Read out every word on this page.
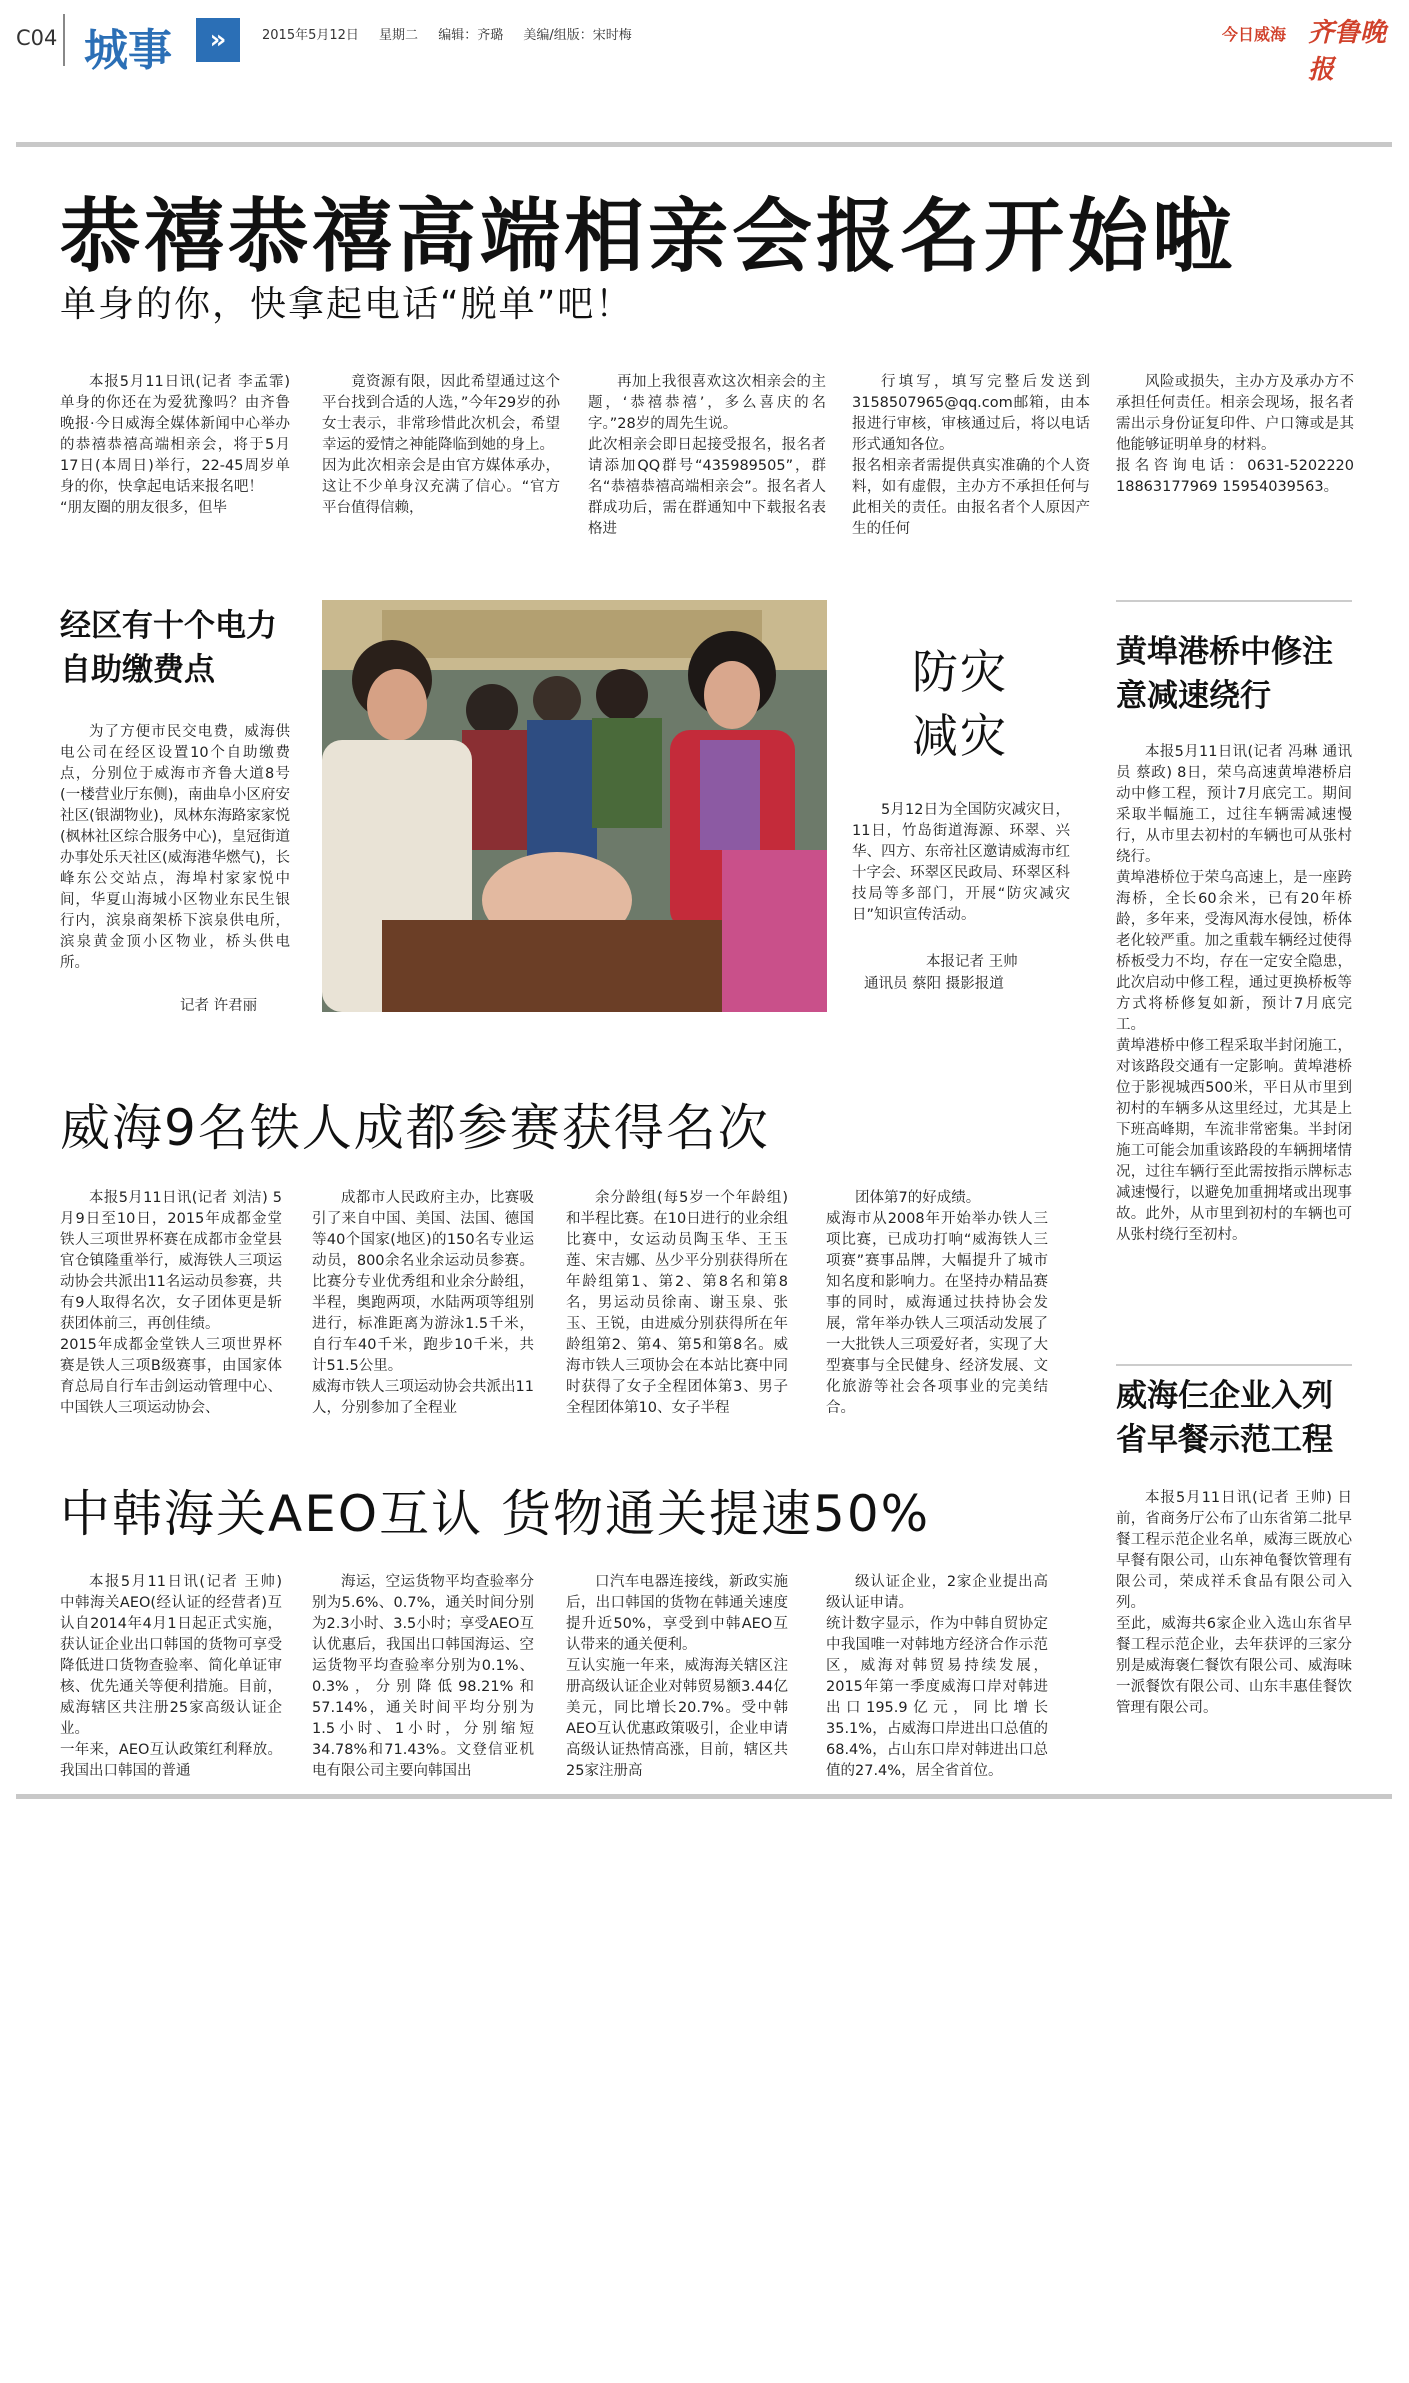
C04 城事	»	2015年5月12日 星期二 编辑：齐璐 美编/组版：宋时梅	今日威海 齐鲁晚报
恭禧恭禧高端相亲会报名开始啦
单身的你，快拿起电话“脱单”吧！

本报5月11日讯(记者 李孟霏) 单身的你还在为爱犹豫吗？由齐鲁晚报·今日威海全媒体新闻中心举办的恭禧恭禧高端相亲会，将于5月17日(本周日)举行，22-45周岁单身的你，快拿起电话来报名吧！
“朋友圈的朋友很多，但毕

竟资源有限，因此希望通过这个平台找到合适的人选，”今年29岁的孙女士表示，非常珍惜此次机会，希望幸运的爱情之神能降临到她的身上。
因为此次相亲会是由官方媒体承办，这让不少单身汉充满了信心。“官方平台值得信赖，

再加上我很喜欢这次相亲会的主题，‘恭禧恭禧’，多么喜庆的名字。”28岁的周先生说。
此次相亲会即日起接受报名，报名者请添加QQ群号“435989505”，群名“恭禧恭禧高端相亲会”。报名者人群成功后，需在群通知中下载报名表格进

行填写，填写完整后发送到3158507965@qq.com邮箱，由本报进行审核，审核通过后，将以电话形式通知各位。
报名相亲者需提供真实准确的个人资料，如有虚假，主办方不承担任何与此相关的责任。由报名者个人原因产生的任何

风险或损失，主办方及承办方不承担任何责任。相亲会现场，报名者需出示身份证复印件、户口簿或是其他能够证明单身的材料。
报名咨询电话：0631-5202220 18863177969 15954039563。

经区有十个电力自助缴费点

为了方便市民交电费，威海供电公司在经区设置10个自助缴费点，分别位于威海市齐鲁大道8号(一楼营业厅东侧)，南曲阜小区府安社区(银湖物业)，凤林东海路家家悦(枫林社区综合服务中心)，皇冠街道办事处乐天社区(威海港华燃气)，长峰东公交站点，海埠村家家悦中间，华夏山海城小区物业东民生银行内，滨泉商架桥下滨泉供电所，滨泉黄金顶小区物业，桥头供电所。

记者 许君丽
防灾减灾

5月12日为全国防灾减灾日，11日，竹岛街道海源、环翠、兴华、四方、东帝社区邀请威海市红十字会、环翠区民政局、环翠区科技局等多部门，开展“防灾减灾日”知识宣传活动。

本报记者 王帅
通讯员 蔡阳 摄影报道
黄埠港桥中修注意减速绕行

本报5月11日讯(记者 冯琳 通讯员 蔡政) 8日，荣乌高速黄埠港桥启动中修工程，预计7月底完工。期间采取半幅施工，过往车辆需减速慢行，从市里去初村的车辆也可从张村绕行。
黄埠港桥位于荣乌高速上，是一座跨海桥，全长60余米，已有20年桥龄，多年来，受海风海水侵蚀，桥体老化较严重。加之重载车辆经过使得桥板受力不均，存在一定安全隐患，此次启动中修工程，通过更换桥板等方式将桥修复如新，预计7月底完工。
黄埠港桥中修工程采取半封闭施工，对该路段交通有一定影响。黄埠港桥位于影视城西500米，平日从市里到初村的车辆多从这里经过，尤其是上下班高峰期，车流非常密集。半封闭施工可能会加重该路段的车辆拥堵情况，过往车辆行至此需按指示牌标志减速慢行，以避免加重拥堵或出现事故。此外，从市里到初村的车辆也可从张村绕行至初村。

威海9名铁人成都参赛获得名次

本报5月11日讯(记者 刘洁) 5月9日至10日，2015年成都金堂铁人三项世界杯赛在成都市金堂县官仓镇隆重举行，威海铁人三项运动协会共派出11名运动员参赛，共有9人取得名次，女子团体更是斩获团体前三，再创佳绩。
2015年成都金堂铁人三项世界杯赛是铁人三项B级赛事，由国家体育总局自行车击剑运动管理中心、中国铁人三项运动协会、

成都市人民政府主办，比赛吸引了来自中国、美国、法国、德国等40个国家(地区)的150名专业运动员，800余名业余运动员参赛。比赛分专业优秀组和业余分龄组，半程，奥跑两项，水陆两项等组别进行，标准距离为游泳1.5千米，自行车40千米，跑步10千米，共计51.5公里。
威海市铁人三项运动协会共派出11人，分别参加了全程业

余分龄组(每5岁一个年龄组)和半程比赛。在10日进行的业余组比赛中，女运动员陶玉华、王玉莲、宋吉娜、丛少平分别获得所在年龄组第1、第2、第8名和第8名，男运动员徐南、谢玉泉、张玉、王锐，由进威分别获得所在年龄组第2、第4、第5和第8名。威海市铁人三项协会在本站比赛中同时获得了女子全程团体第3、男子全程团体第10、女子半程

团体第7的好成绩。
威海市从2008年开始举办铁人三项比赛，已成功打响“威海铁人三项赛”赛事品牌，大幅提升了城市知名度和影响力。在坚持办精品赛事的同时，威海通过扶持协会发展，常年举办铁人三项活动发展了一大批铁人三项爱好者，实现了大型赛事与全民健身、经济发展、文化旅游等社会各项事业的完美结合。	威海仨企业入列省早餐示范工程

本报5月11日讯(记者 王帅) 日前，省商务厅公布了山东省第二批早餐工程示范企业名单，威海三既放心早餐有限公司，山东神龟餐饮管理有限公司，荣成祥禾食品有限公司入列。
至此，威海共6家企业入选山东省早餐工程示范企业，去年获评的三家分别是威海褒仁餐饮有限公司、威海味一派餐饮有限公司、山东丰惠佳餐饮管理有限公司。

中韩海关AEO互认 货物通关提速50%

本报5月11日讯(记者 王帅) 中韩海关AEO(经认证的经营者)互认自2014年4月1日起正式实施，获认证企业出口韩国的货物可享受降低进口货物查验率、简化单证审核、优先通关等便利措施。目前，威海辖区共注册25家高级认证企业。
一年来，AEO互认政策红利释放。我国出口韩国的普通

海运，空运货物平均查验率分别为5.6%、0.7%，通关时间分别为2.3小时、3.5小时；享受AEO互认优惠后，我国出口韩国海运、空运货物平均查验率分别为0.1%、0.3%，分别降低98.21%和57.14%，通关时间平均分别为1.5小时、1小时，分别缩短34.78%和71.43%。文登信亚机电有限公司主要向韩国出

口汽车电器连接线，新政实施后，出口韩国的货物在韩通关速度提升近50%，享受到中韩AEO互认带来的通关便利。
互认实施一年来，威海海关辖区注册高级认证企业对韩贸易额3.44亿美元，同比增长20.7%。受中韩AEO互认优惠政策吸引，企业申请高级认证热情高涨，目前，辖区共25家注册高

级认证企业，2家企业提出高级认证申请。
统计数字显示，作为中韩自贸协定中我国唯一对韩地方经济合作示范区，威海对韩贸易持续发展，2015年第一季度威海口岸对韩进出口195.9亿元，同比增长35.1%，占威海口岸进出口总值的68.4%，占山东口岸对韩进出口总值的27.4%，居全省首位。
